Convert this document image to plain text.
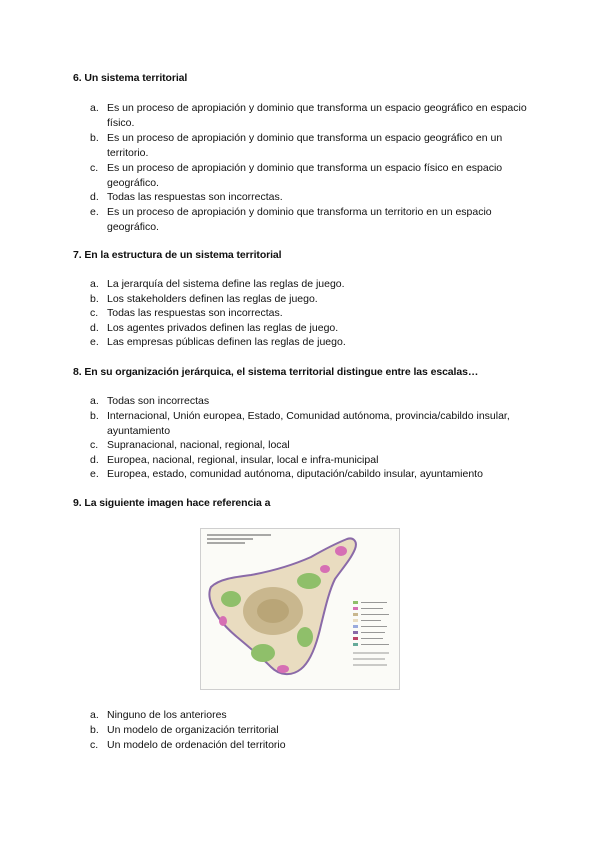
6. Un sistema territorial
a. Es un proceso de apropiación y dominio que transforma un espacio geográfico en espacio físico.
b. Es un proceso de apropiación y dominio que transforma un espacio geográfico en un territorio.
c. Es un proceso de apropiación y dominio que transforma un espacio físico en espacio geográfico.
d. Todas las respuestas son incorrectas.
e. Es un proceso de apropiación y dominio que transforma un territorio en un espacio geográfico.
7. En la estructura de un sistema territorial
a. La jerarquía del sistema define las reglas de juego.
b. Los stakeholders definen las reglas de juego.
c. Todas las respuestas son incorrectas.
d. Los agentes privados definen las reglas de juego.
e. Las empresas públicas definen las reglas de juego.
8. En su organización jerárquica, el sistema territorial distingue entre las escalas…
a. Todas son incorrectas
b. Internacional, Unión europea, Estado, Comunidad autónoma, provincia/cabildo insular, ayuntamiento
c. Supranacional, nacional, regional, local
d. Europea, nacional, regional, insular, local e infra-municipal
e. Europea, estado, comunidad autónoma, diputación/cabildo insular, ayuntamiento
9. La siguiente imagen hace referencia a
a. Ninguno de los anteriores
b. Un modelo de organización territorial
c. Un modelo de ordenación del territorio
